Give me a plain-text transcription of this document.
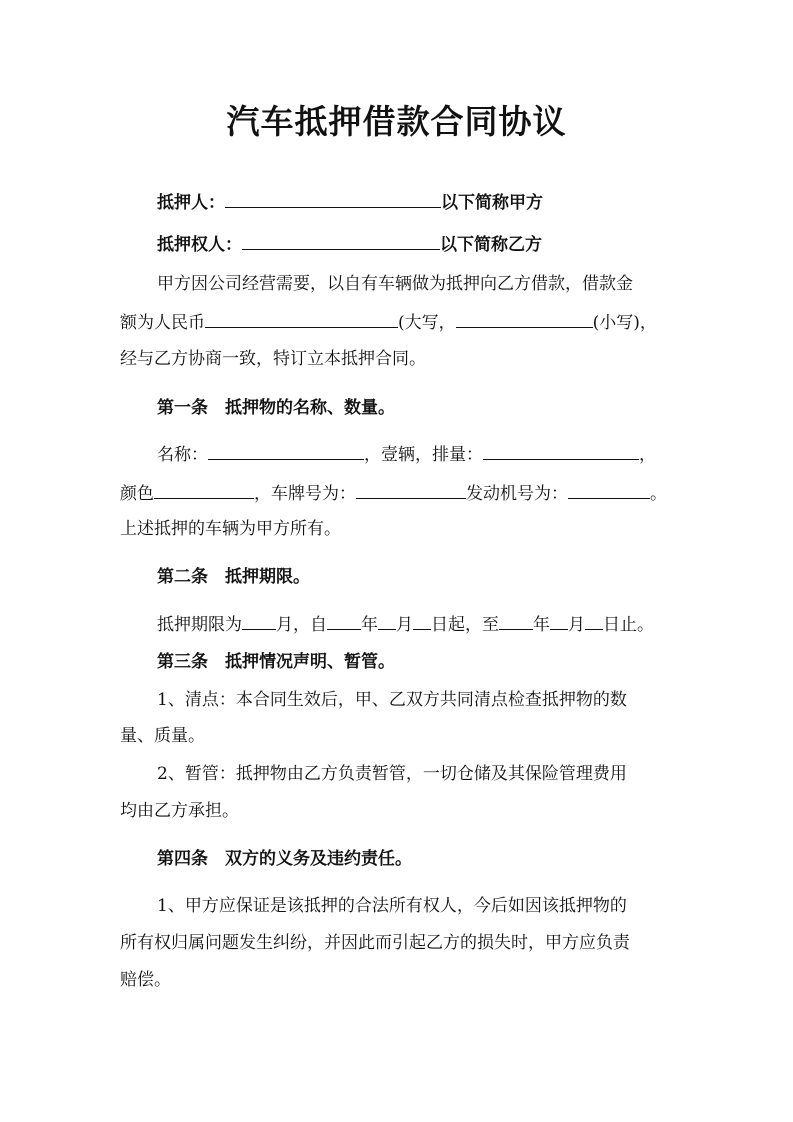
汽车抵押借款合同协议
抵押人：	以下简称甲方
抵押权人：	以下简称乙方
甲方因公司经营需要，以自有车辆做为抵押向乙方借款，借款金
额为人民币	(大写，	(小写)，
经与乙方协商一致，特订立本抵押合同。
第一条　抵押物的名称、数量。
名称：	，壹辆，排量：	，
颜色	，车牌号为：	发动机号为：	。
上述抵押的车辆为甲方所有。
第二条　抵押期限。
抵押期限为 月，自 年 月 日起，至 年 月 日止。
第三条　抵押情况声明、暂管。
1、清点：本合同生效后，甲、乙双方共同清点检查抵押物的数
量、质量。
2、暂管：抵押物由乙方负责暂管，一切仓储及其保险管理费用
均由乙方承担。
第四条　双方的义务及违约责任。
1、甲方应保证是该抵押的合法所有权人，今后如因该抵押物的
所有权归属问题发生纠纷，并因此而引起乙方的损失时，甲方应负责
赔偿。
